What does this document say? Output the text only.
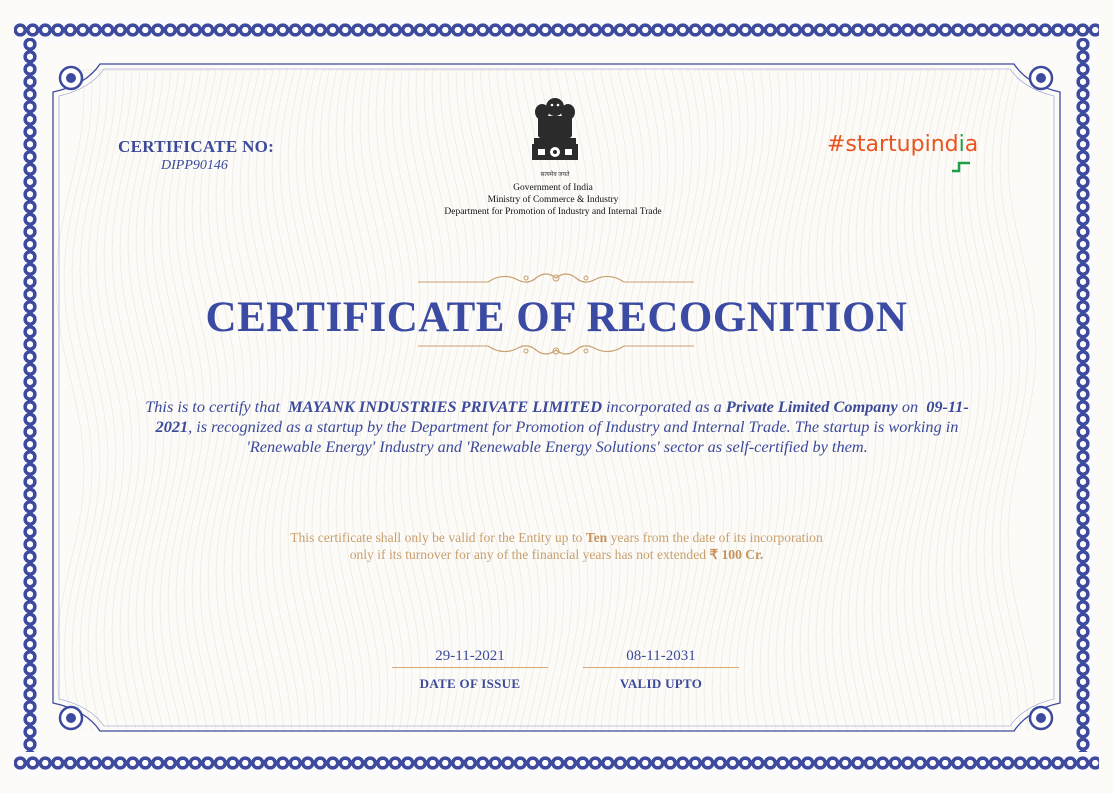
CERTIFICATE NO:
DIPP90146
सत्यमेव जयते
Government of India
Ministry of Commerce & Industry
Department for Promotion of Industry and Internal Trade
#startupindia
CERTIFICATE OF RECOGNITION
This is to certify that MAYANK INDUSTRIES PRIVATE LIMITED incorporated as a Private Limited Company on 09-11-2021, is recognized as a startup by the Department for Promotion of Industry and Internal Trade. The startup is working in 'Renewable Energy' Industry and 'Renewable Energy Solutions' sector as self-certified by them.
This certificate shall only be valid for the Entity up to Ten years from the date of its incorporation
only if its turnover for any of the financial years has not extended ₹ 100 Cr.
29-11-2021
DATE OF ISSUE
08-11-2031
VALID UPTO
